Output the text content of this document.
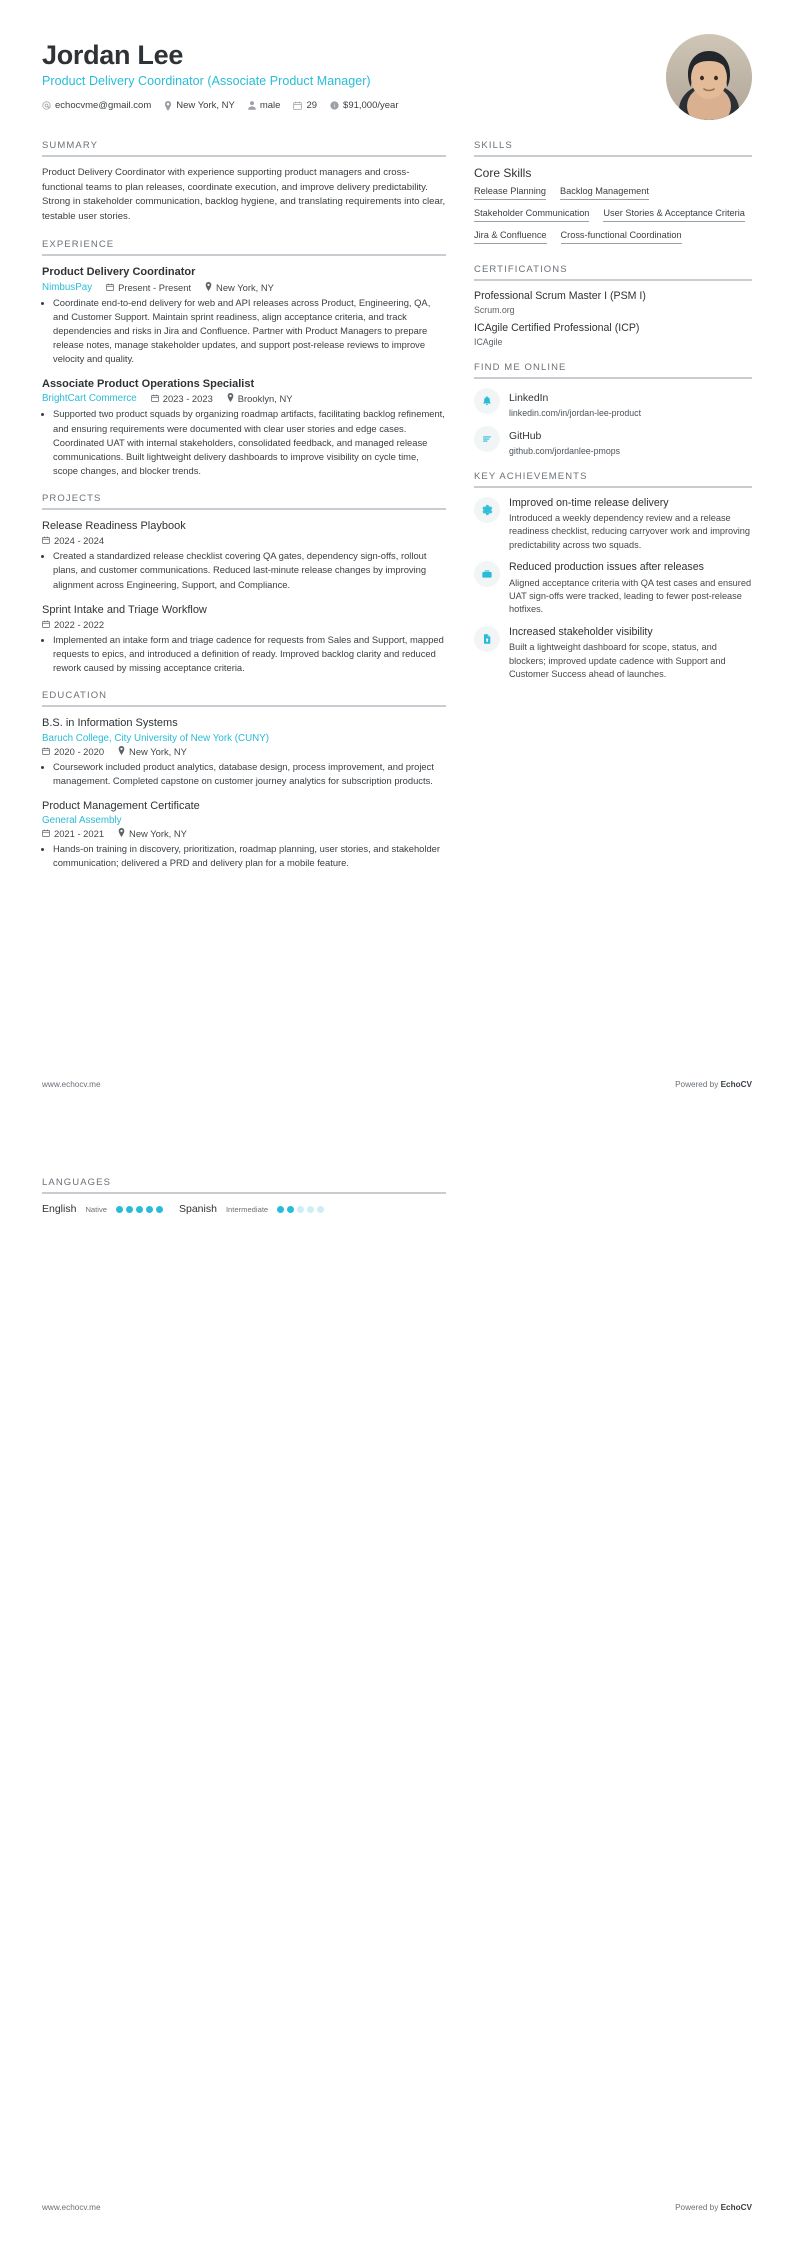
Jordan Lee
Product Delivery Coordinator (Associate Product Manager)
echocvme@gmail.com	New York, NY	male	29 i $91,000/year
SUMMARY
Product Delivery Coordinator with experience supporting product managers and cross-functional teams to plan releases, coordinate execution, and improve delivery predictability. Strong in stakeholder communication, backlog hygiene, and translating requirements into clear, testable user stories.
EXPERIENCE
Product Delivery Coordinator
NimbusPay	Present - Present	New York, NY
• Coordinate end-to-end delivery for web and API releases across Product, Engineering, QA, and Customer Support. Maintain sprint readiness, align acceptance criteria, and track dependencies and risks in Jira and Confluence. Partner with Product Managers to prepare release notes, manage stakeholder updates, and support post-release reviews to improve velocity and quality.
Associate Product Operations Specialist
BrightCart Commerce	2023 - 2023	Brooklyn, NY
• Supported two product squads by organizing roadmap artifacts, facilitating backlog refinement, and ensuring requirements were documented with clear user stories and edge cases. Coordinated UAT with internal stakeholders, consolidated feedback, and managed release communications. Built lightweight delivery dashboards to improve visibility on cycle time, scope changes, and blocker trends.
PROJECTS
Release Readiness Playbook
2024 - 2024
• Created a standardized release checklist covering QA gates, dependency sign-offs, rollout plans, and customer communications. Reduced last-minute release changes by improving alignment across Engineering, Support, and Compliance.
Sprint Intake and Triage Workflow
2022 - 2022
• Implemented an intake form and triage cadence for requests from Sales and Support, mapped requests to epics, and introduced a definition of ready. Improved backlog clarity and reduced rework caused by missing acceptance criteria.
EDUCATION
B.S. in Information Systems
Baruch College, City University of New York (CUNY)
2020 - 2020	New York, NY
• Coursework included product analytics, database design, process improvement, and project management. Completed capstone on customer journey analytics for subscription products.
Product Management Certificate
General Assembly
2021 - 2021	New York, NY
• Hands-on training in discovery, prioritization, roadmap planning, user stories, and stakeholder communication; delivered a PRD and delivery plan for a mobile feature.
SKILLS
Core Skills
Release Planning Backlog Management
Stakeholder Communication User Stories & Acceptance Criteria
Jira & Confluence Cross-functional Coordination
CERTIFICATIONS
Professional Scrum Master I (PSM I)
Scrum.org
ICAgile Certified Professional (ICP)
ICAgile
FIND ME ONLINE
LinkedIn
linkedin.com/in/jordan-lee-product
GitHub
github.com/jordanlee-pmops
KEY ACHIEVEMENTS
Improved on-time release delivery
Introduced a weekly dependency review and a release readiness checklist, reducing carryover work and improving predictability across two squads.
Reduced production issues after releases
Aligned acceptance criteria with QA test cases and ensured UAT sign-offs were tracked, leading to fewer post-release hotfixes.
Increased stakeholder visibility
Built a lightweight dashboard for scope, status, and blockers; improved update cadence with Support and Customer Success ahead of launches.
www.echocv.me	Powered by EchoCV
LANGUAGES
English Native	Spanish Intermediate
www.echocv.me	Powered by EchoCV
